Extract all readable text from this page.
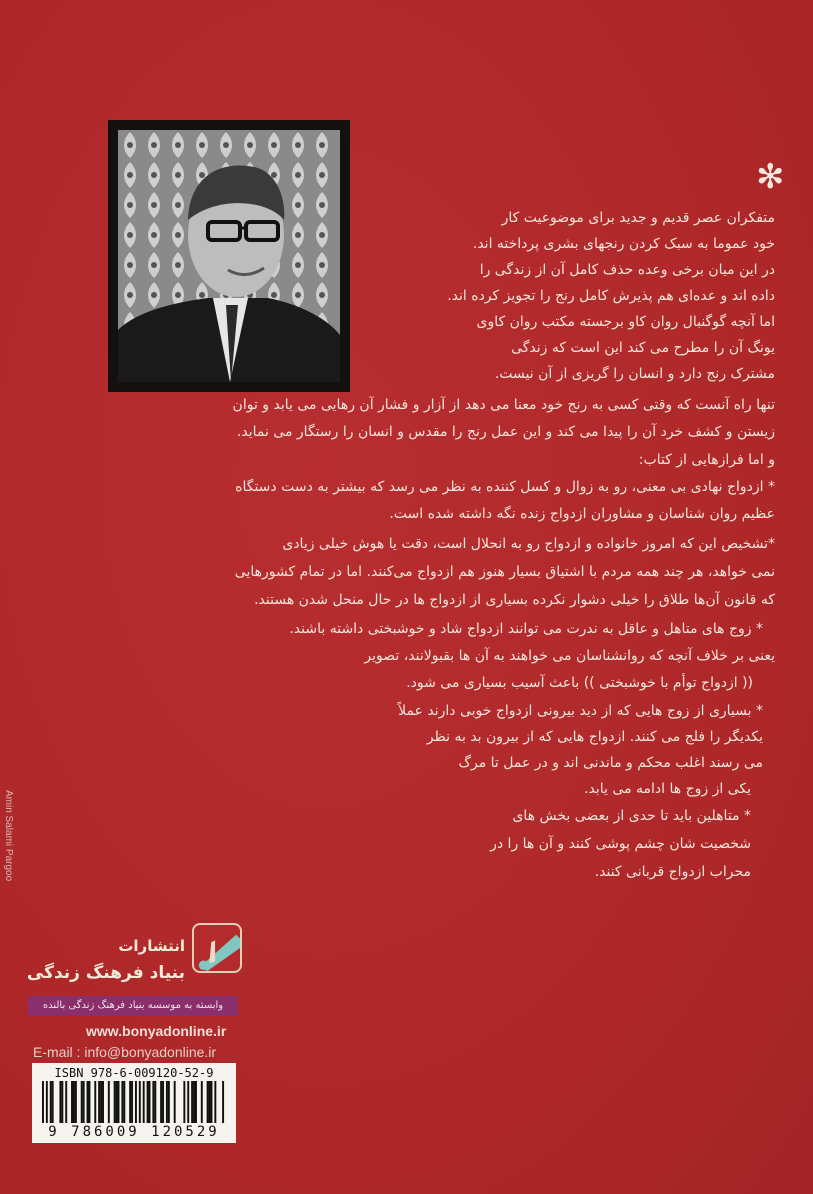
✻
متفکران عصر قدیم و جدید برای موضوعیت کار
خود عموما به سبک کردن رنجهای بشری پرداخته اند.
در این میان برخی وعده حذف کامل آن از زندگی را
داده اند و عده‌ای هم پذیرش کامل رنج را تجویز کرده اند.
اما آنچه گوگنبال روان کاو برجسته مکتب روان کاوی
یونگ آن را مطرح می کند این است که زندگی
مشترک رنج دارد و انسان را گریزی از آن نیست.
تنها راه آنست که وقتی کسی به رنج خود معنا می دهد از آزار و فشار آن رهایی می یابد و توان
زیستن و کشف خرد آن را پیدا می کند و این عمل رنج را مقدس و انسان را رستگار می نماید.
و اما فرازهایی از کتاب:
* ازدواج نهادی بی معنی، رو به زوال و کسل کننده به نظر می رسد که بیشتر به دست دستگاه
عظیم روان شناسان و مشاوران ازدواج زنده نگه داشته شده است.
*تشخیص این که امروز خانواده و ازدواج رو به انحلال است، دقت یا هوش خیلی زیادی
نمی خواهد، هر چند همه مردم با اشتیاق بسیار هنوز هم ازدواج می‌کنند. اما در تمام کشورهایی
که قانون آن‌ها طلاق را خیلی دشوار نکرده بسیاری از ازدواج ها در حال منحل شدن هستند.
* زوج های متاهل و عاقل به ندرت می توانند ازدواج شاد و خوشبختی داشته باشند.
یعنی بر خلاف آنچه که روانشناسان می خواهند به آن ها بقبولانند، تصویر
(( ازدواج توأم با خوشبختی )) باعث آسیب بسیاری می شود.
* بسیاری از زوج هایی که از دید بیرونی ازدواج خوبی دارند عملاً
یکدیگر را فلج می کنند. ازدواج هایی که از بیرون بد به نظر
می رسند اغلب محکم و ماندنی اند و در عمل تا مرگ
یکی از زوج ها ادامه می یابد.
* متاهلین باید تا حدی از بعضی بخش های
شخصیت شان چشم پوشی کنند و آن ها را در
محراب ازدواج قربانی کنند.
Amin Salami Pargoo
انتشارات
بنیاد فرهنگ زندگی
وابسته به موسسه بنیاد فرهنگ زندگی بالنده
www.bonyadonline.ir
E-mail : info@bonyadonline.ir
ISBN 978-6-009120-52-9
9 786009 120529
